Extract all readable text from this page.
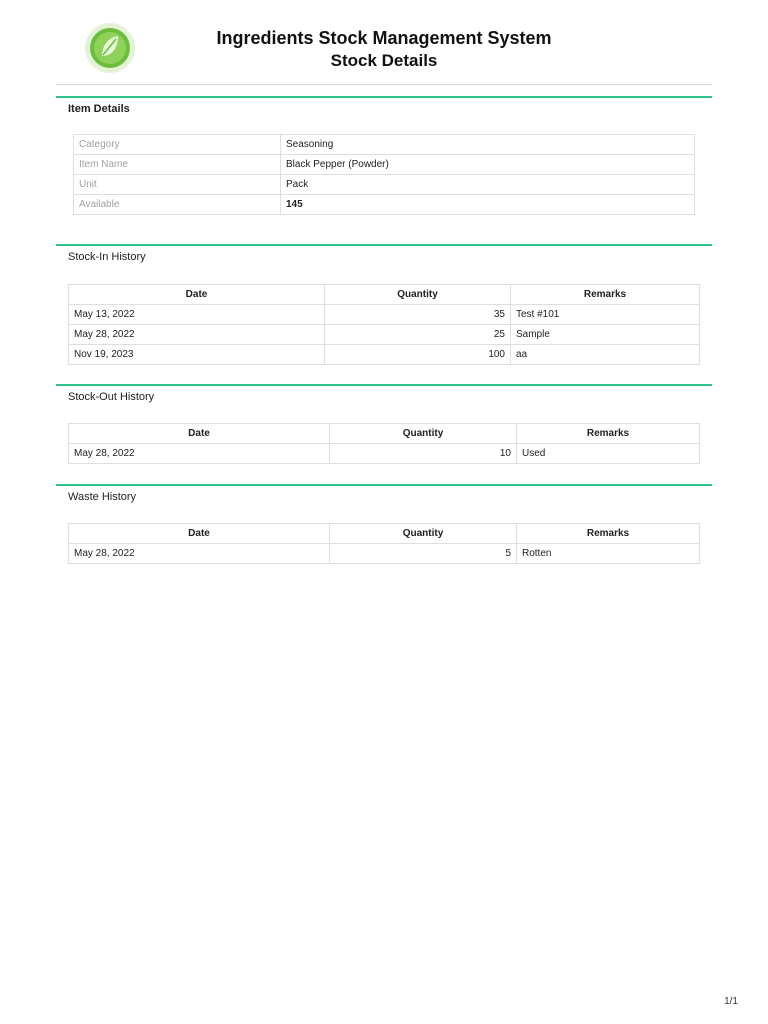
Ingredients Stock Management System
Stock Details
Item Details
Category	Seasoning
Item Name	Black Pepper (Powder)
Unit	Pack
Available	145
Stock-In History
Date	Quantity	Remarks
May 13, 2022	35	Test #101
May 28, 2022	25	Sample
Nov 19, 2023	100	aa
Stock-Out History
Date	Quantity	Remarks
May 28, 2022	10	Used
Waste History
Date	Quantity	Remarks
May 28, 2022	5	Rotten
1/1
